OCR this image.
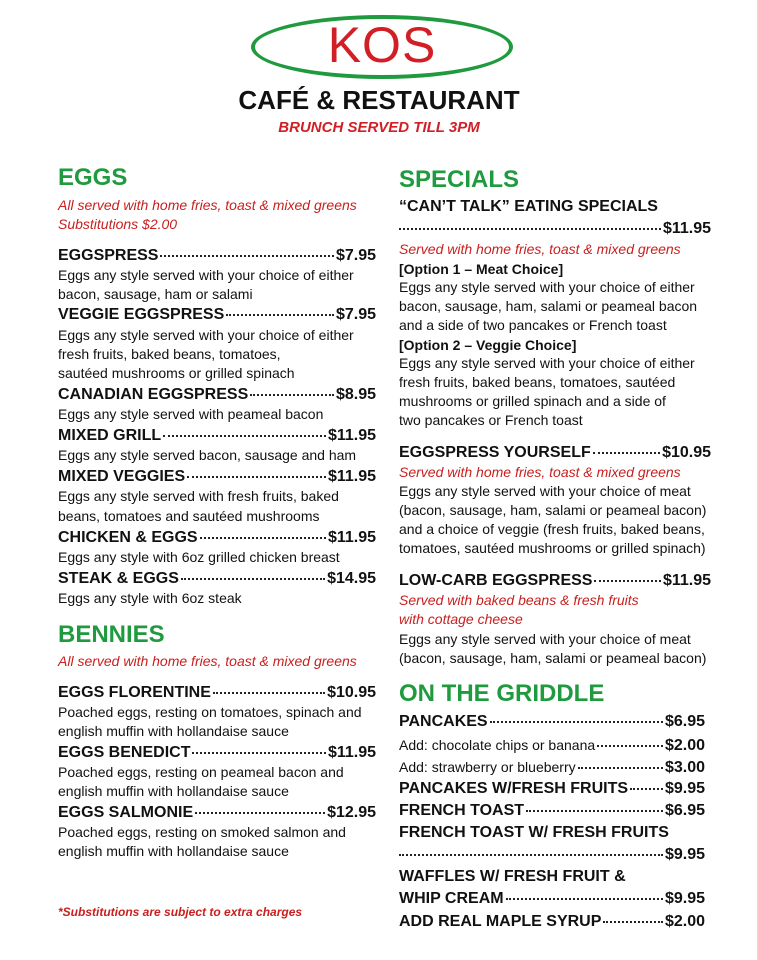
KOS
CAFÉ & RESTAURANT
BRUNCH SERVED TILL 3PM
EGGS
All served with home fries, toast & mixed greens
Substitutions $2.00
EGGSPRESS	$7.95
Eggs any style served with your choice of either
bacon, sausage, ham or salami
VEGGIE EGGSPRESS	$7.95
Eggs any style served with your choice of either
fresh fruits, baked beans, tomatoes,
sautéed mushrooms or grilled spinach
CANADIAN EGGSPRESS	$8.95
Eggs any style served with peameal bacon
MIXED GRILL	$11.95
Eggs any style served bacon, sausage and ham
MIXED VEGGIES	$11.95
Eggs any style served with fresh fruits, baked
beans, tomatoes and sautéed mushrooms
CHICKEN & EGGS	$11.95
Eggs any style with 6oz grilled chicken breast
STEAK & EGGS	$14.95
Eggs any style with 6oz steak
BENNIES
All served with home fries, toast & mixed greens
EGGS FLORENTINE	$10.95
Poached eggs, resting on tomatoes, spinach and
english muffin with hollandaise sauce
EGGS BENEDICT	$11.95
Poached eggs, resting on peameal bacon and
english muffin with hollandaise sauce
EGGS SALMONIE	$12.95
Poached eggs, resting on smoked salmon and
english muffin with hollandaise sauce
*Substitutions are subject to extra charges
SPECIALS
“CAN’T TALK” EATING SPECIALS
$11.95
Served with home fries, toast & mixed greens
[Option 1 – Meat Choice]
Eggs any style served with your choice of either
bacon, sausage, ham, salami or peameal bacon
and a side of two pancakes or French toast
[Option 2 – Veggie Choice]
Eggs any style served with your choice of either
fresh fruits, baked beans, tomatoes, sautéed
mushrooms or grilled spinach and a side of
two pancakes or French toast
EGGSPRESS YOURSELF	$10.95
Served with home fries, toast & mixed greens
Eggs any style served with your choice of meat
(bacon, sausage, ham, salami or peameal bacon)
and a choice of veggie (fresh fruits, baked beans,
tomatoes, sautéed mushrooms or grilled spinach)
LOW-CARB EGGSPRESS	$11.95
Served with baked beans & fresh fruits
with cottage cheese
Eggs any style served with your choice of meat
(bacon, sausage, ham, salami or peameal bacon)
ON THE GRIDDLE
PANCAKES	$6.95
Add: chocolate chips or banana	$2.00
Add: strawberry or blueberry	$3.00
PANCAKES W/FRESH FRUITS $9.95
FRENCH TOAST	$6.95
FRENCH TOAST W/ FRESH FRUITS
$9.95
WAFFLES W/ FRESH FRUIT &
WHIP CREAM	$9.95
ADD REAL MAPLE SYRUP	$2.00
